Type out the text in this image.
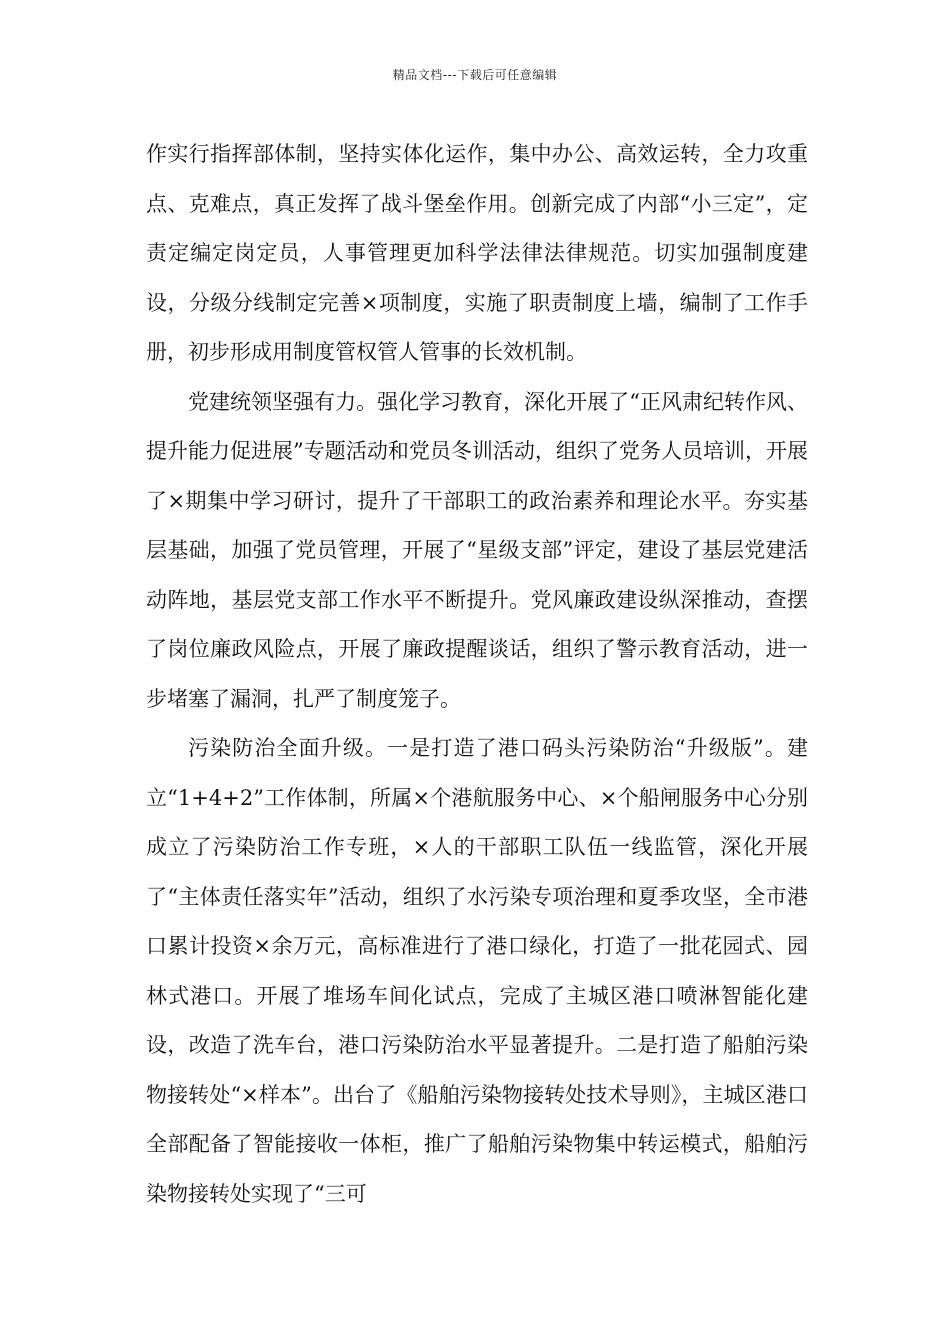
精品文档---下载后可任意编辑

作实行指挥部体制，坚持实体化运作，集中办公、高效运转，全力攻重点、克难点，真正发挥了战斗堡垒作用。创新完成了内部“小三定”，定责定编定岗定员，人事管理更加科学法律法律规范。切实加强制度建设，分级分线制定完善×项制度，实施了职责制度上墙，编制了工作手册，初步形成用制度管权管人管事的长效机制。

党建统领坚强有力。强化学习教育，深化开展了“正风肃纪转作风、提升能力促进展”专题活动和党员冬训活动，组织了党务人员培训，开展了×期集中学习研讨，提升了干部职工的政治素养和理论水平。夯实基层基础，加强了党员管理，开展了“星级支部”评定，建设了基层党建活动阵地，基层党支部工作水平不断提升。党风廉政建设纵深推动，查摆了岗位廉政风险点，开展了廉政提醒谈话，组织了警示教育活动，进一步堵塞了漏洞，扎严了制度笼子。

污染防治全面升级。一是打造了港口码头污染防治“升级版”。建立“1+4+2”工作体制，所属×个港航服务中心、×个船闸服务中心分别成立了污染防治工作专班，×人的干部职工队伍一线监管，深化开展了“主体责任落实年”活动，组织了水污染专项治理和夏季攻坚，全市港口累计投资×余万元，高标准进行了港口绿化，打造了一批花园式、园林式港口。开展了堆场车间化试点，完成了主城区港口喷淋智能化建设，改造了洗车台，港口污染防治水平显著提升。二是打造了船舶污染物接转处“×样本”。出台了《船舶污染物接转处技术导则》，主城区港口全部配备了智能接收一体柜，推广了船舶污染物集中转运模式，船舶污染物接转处实现了“三可
